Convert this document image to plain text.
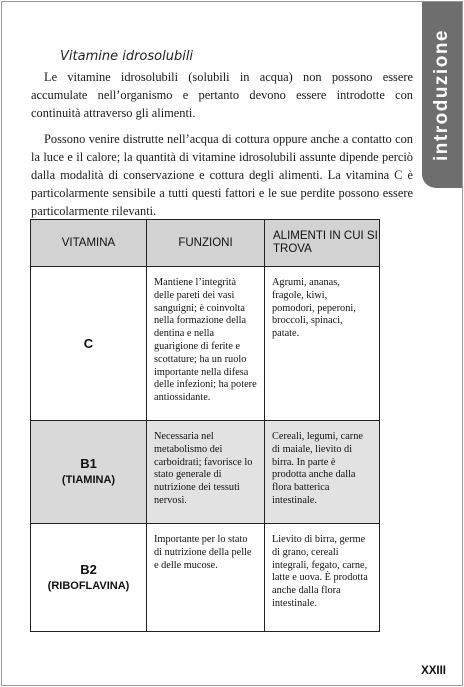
introduzione
Vitamine idrosolubili

Le vitamine idrosolubili (solubili in acqua) non possono essere accumulate nell’organismo e pertanto devono essere introdotte con continuità attraverso gli alimenti.

Possono venire distrutte nell’acqua di cottura oppure anche a contatto con la luce e il calore; la quantità di vitamine idrosolubili assunte dipende perciò dalla modalità di conservazione e cottura degli alimenti. La vitamina C è particolarmente sensibile a tutti questi fattori e le sue perdite possono essere particolarmente rilevanti.

VITAMINA	FUNZIONI	ALIMENTI IN CUI SI TROVA

C	Mantiene l’integrità delle pareti dei vasi sanguigni; è coinvolta nella formazione della dentina e nella guarigione di ferite e scottature; ha un ruolo importante nella difesa delle infezioni; ha potere antiossidante.	Agrumi, ananas, fragole, kiwi, pomodori, peperoni, broccoli, spinaci, patate.

B1
(TIAMINA)	Necessaria nel metabolismo dei carboidrati; favorisce lo stato generale di nutrizione dei tessuti nervosi.	Cereali, legumi, carne di maiale, lievito di birra. In parte è prodotta anche dalla flora batterica intestinale.

B2
(RIBOFLAVINA)	Importante per lo stato di nutrizione della pelle e delle mucose.	Lievito di birra, germe di grano, cereali integrali, fegato, carne, latte e uova. È prodotta anche dalla flora intestinale.
XXIII
